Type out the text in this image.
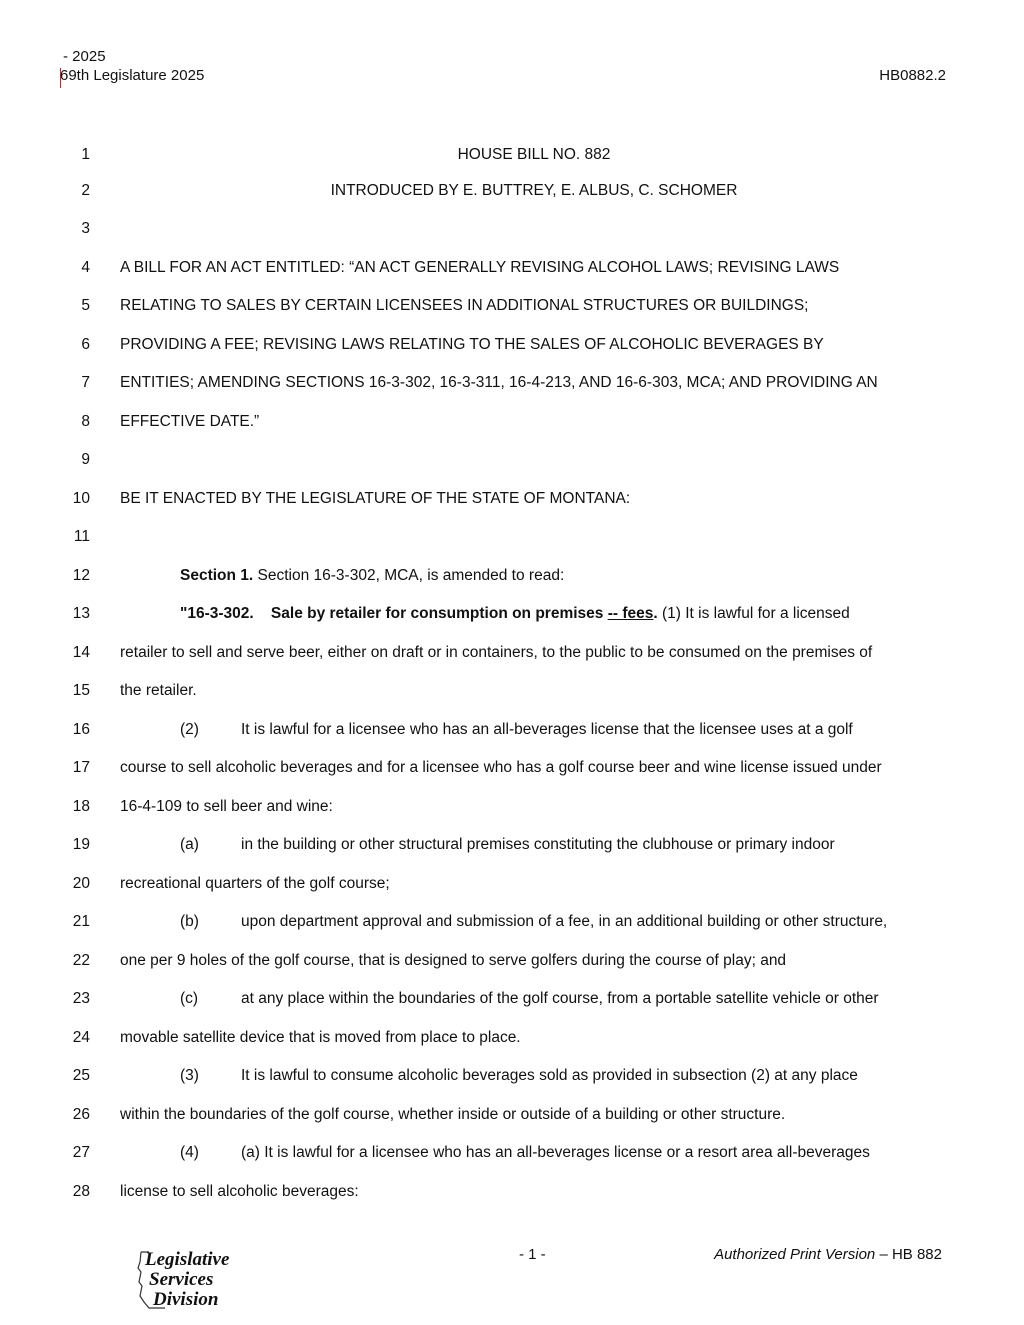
- 2025
69th Legislature 2025	HB0882.2
1	HOUSE BILL NO. 882
2	INTRODUCED BY E. BUTTREY, E. ALBUS, C. SCHOMER
3
4 A BILL FOR AN ACT ENTITLED: “AN ACT GENERALLY REVISING ALCOHOL LAWS; REVISING LAWS
5 RELATING TO SALES BY CERTAIN LICENSEES IN ADDITIONAL STRUCTURES OR BUILDINGS;
6 PROVIDING A FEE; REVISING LAWS RELATING TO THE SALES OF ALCOHOLIC BEVERAGES BY
7 ENTITIES; AMENDING SECTIONS 16-3-302, 16-3-311, 16-4-213, AND 16-6-303, MCA; AND PROVIDING AN
8 EFFECTIVE DATE.”
9
10 BE IT ENACTED BY THE LEGISLATURE OF THE STATE OF MONTANA:
11
12	Section 1. Section 16-3-302, MCA, is amended to read:
13	"16-3-302.    Sale by retailer for consumption on premises -- fees. (1) It is lawful for a licensed
14 retailer to sell and serve beer, either on draft or in containers, to the public to be consumed on the premises of
15 the retailer.
16	(2)	It is lawful for a licensee who has an all-beverages license that the licensee uses at a golf
17 course to sell alcoholic beverages and for a licensee who has a golf course beer and wine license issued under
18 16-4-109 to sell beer and wine:
19	(a)	in the building or other structural premises constituting the clubhouse or primary indoor
20 recreational quarters of the golf course;
21	(b)	upon department approval and submission of a fee, in an additional building or other structure,
22 one per 9 holes of the golf course, that is designed to serve golfers during the course of play; and
23	(c)	at any place within the boundaries of the golf course, from a portable satellite vehicle or other
24 movable satellite device that is moved from place to place.
25	(3)	It is lawful to consume alcoholic beverages sold as provided in subsection (2) at any place
26 within the boundaries of the golf course, whether inside or outside of a building or other structure.
27	(4)	(a) It is lawful for a licensee who has an all-beverages license or a resort area all-beverages
28 license to sell alcoholic beverages:
Legislative
Services
Division
- 1 -	Authorized Print Version – HB 882
